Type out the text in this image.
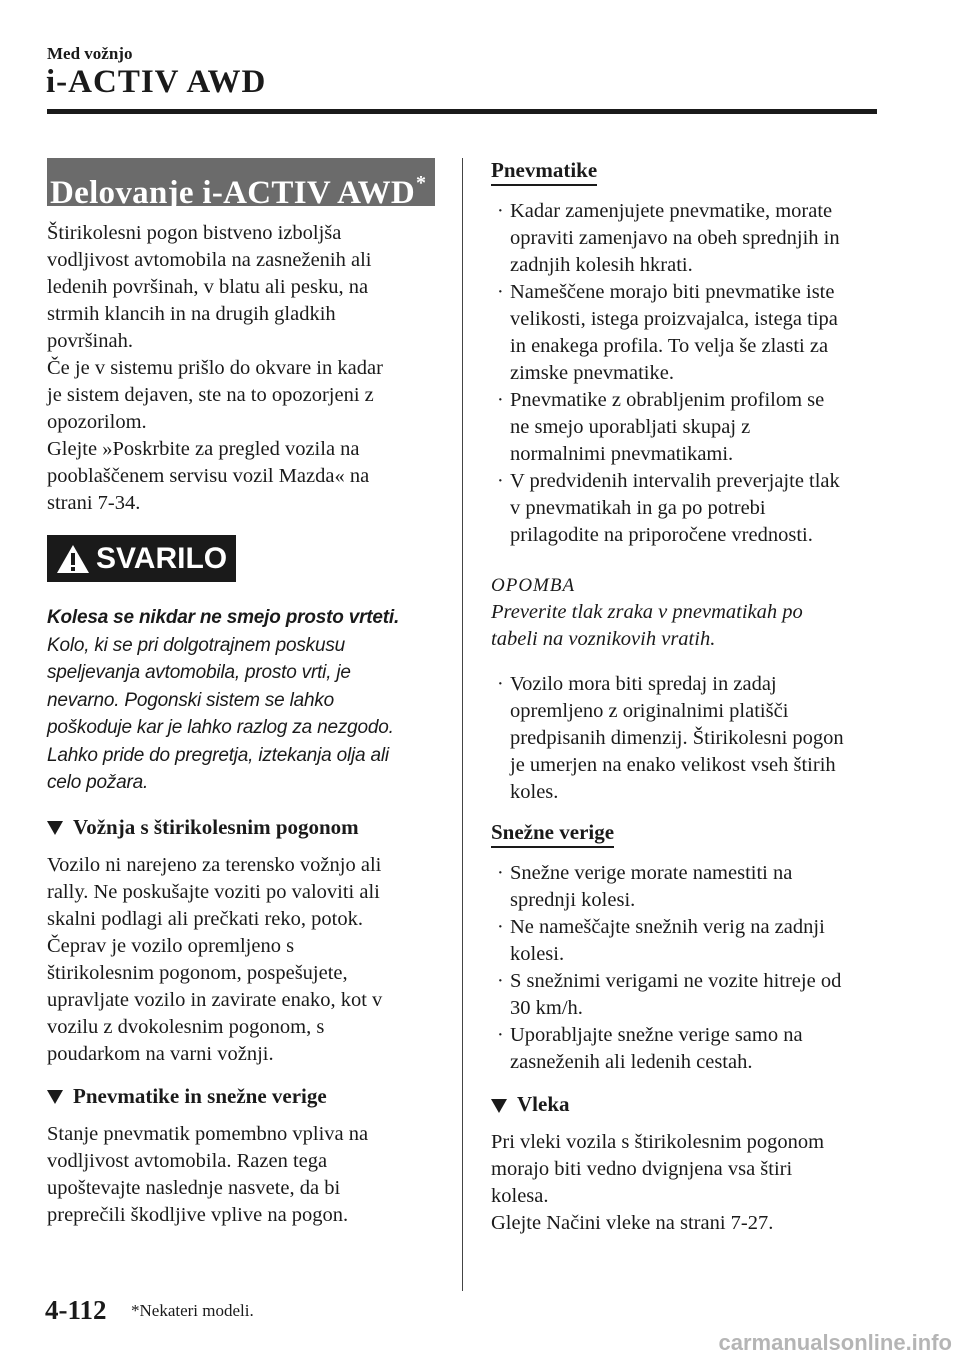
Med vožnjo
i-ACTIV AWD
Delovanje i-ACTIV AWD*

Štirikolesni pogon bistveno izboljša

vodljivost avtomobila na zasneženih ali

ledenih površinah, v blatu ali pesku, na

strmih klancih in na drugih gladkih

površinah.

Če je v sistemu prišlo do okvare in kadar

je sistem dejaven, ste na to opozorjeni z

opozorilom.

Glejte »Poskrbite za pregled vozila na

pooblaščenem servisu vozil Mazda« na

strani 7-34.

SVARILO

Kolesa se nikdar ne smejo prosto vrteti.

Kolo, ki se pri dolgotrajnem poskusu

speljevanja avtomobila, prosto vrti, je

nevarno. Pogonski sistem se lahko

poškoduje kar je lahko razlog za nezgodo.

Lahko pride do pregretja, iztekanja olja ali

celo požara.

Vožnja s štirikolesnim pogonom

Vozilo ni narejeno za terensko vožnjo ali

rally. Ne poskušajte voziti po valoviti ali

skalni podlagi ali prečkati reko, potok.

Čeprav je vozilo opremljeno s

štirikolesnim pogonom, pospešujete,

upravljate vozilo in zavirate enako, kot v

vozilu z dvokolesnim pogonom, s

poudarkom na varni vožnji.

Pnevmatike in snežne verige

Stanje pnevmatik pomembno vpliva na

vodljivost avtomobila. Razen tega

upoštevajte naslednje nasvete, da bi

preprečili škodljive vplive na pogon.

Pnevmatike
· Kadar zamenjujete pnevmatike, morate
opraviti zamenjavo na obeh sprednjih in
zadnjih kolesih hkrati.
· Nameščene morajo biti pnevmatike iste
velikosti, istega proizvajalca, istega tipa
in enakega profila. To velja še zlasti za
zimske pnevmatike.
· Pnevmatike z obrabljenim profilom se
ne smejo uporabljati skupaj z
normalnimi pnevmatikami.
· V predvidenih intervalih preverjajte tlak
v pnevmatikah in ga po potrebi
prilagodite na priporočene vrednosti.
OPOMBA
Preverite tlak zraka v pnevmatikah po
tabeli na voznikovih vratih.
· Vozilo mora biti spredaj in zadaj
opremljeno z originalnimi platišči
predpisanih dimenzij. Štirikolesni pogon
je umerjen na enako velikost vseh štirih
koles.
Snežne verige
· Snežne verige morate namestiti na
sprednji kolesi.
· Ne nameščajte snežnih verig na zadnji
kolesi.
· S snežnimi verigami ne vozite hitreje od
30 km/h.
· Uporabljajte snežne verige samo na
zasneženih ali ledenih cestah.
Vleka

Pri vleki vozila s štirikolesnim pogonom

morajo biti vedno dvignjena vsa štiri

kolesa.

Glejte Načini vleke na strani 7-27.

4-112 *Nekateri modeli.
carmanualsonline.info
